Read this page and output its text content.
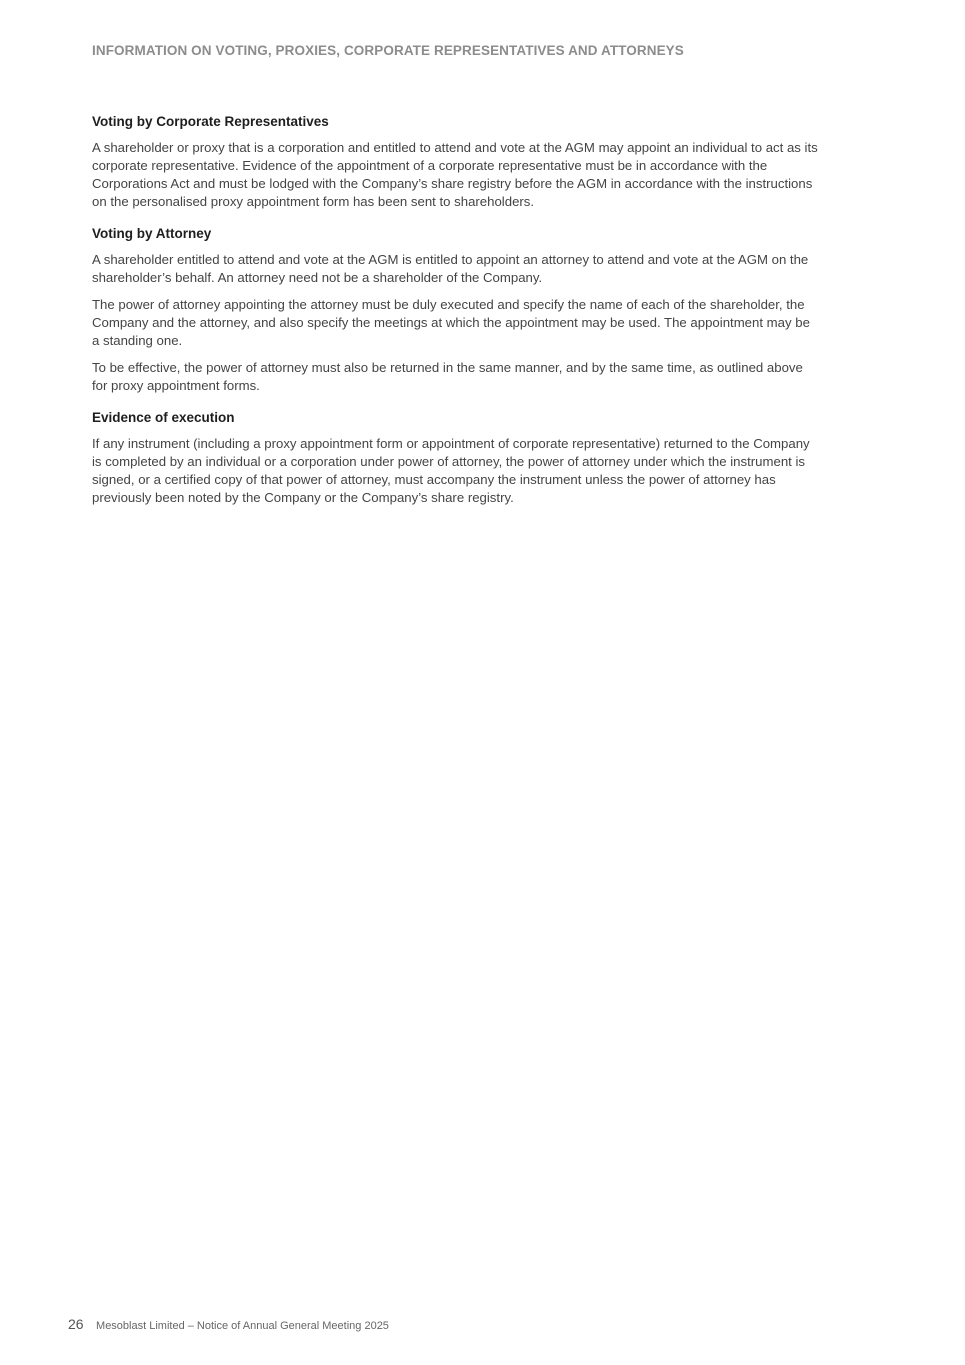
INFORMATION ON VOTING, PROXIES, CORPORATE REPRESENTATIVES AND ATTORNEYS
Voting by Corporate Representatives

A shareholder or proxy that is a corporation and entitled to attend and vote at the AGM may appoint an individual to act as its corporate representative. Evidence of the appointment of a corporate representative must be in accordance with the Corporations Act and must be lodged with the Company’s share registry before the AGM in accordance with the instructions on the personalised proxy appointment form has been sent to shareholders.

Voting by Attorney

A shareholder entitled to attend and vote at the AGM is entitled to appoint an attorney to attend and vote at the AGM on the shareholder’s behalf. An attorney need not be a shareholder of the Company.

The power of attorney appointing the attorney must be duly executed and specify the name of each of the shareholder, the Company and the attorney, and also specify the meetings at which the appointment may be used. The appointment may be a standing one.

To be effective, the power of attorney must also be returned in the same manner, and by the same time, as outlined above for proxy appointment forms.

Evidence of execution

If any instrument (including a proxy appointment form or appointment of corporate representative) returned to the Company is completed by an individual or a corporation under power of attorney, the power of attorney under which the instrument is signed, or a certified copy of that power of attorney, must accompany the instrument unless the power of attorney has previously been noted by the Company or the Company’s share registry.

26 Mesoblast Limited – Notice of Annual General Meeting 2025
